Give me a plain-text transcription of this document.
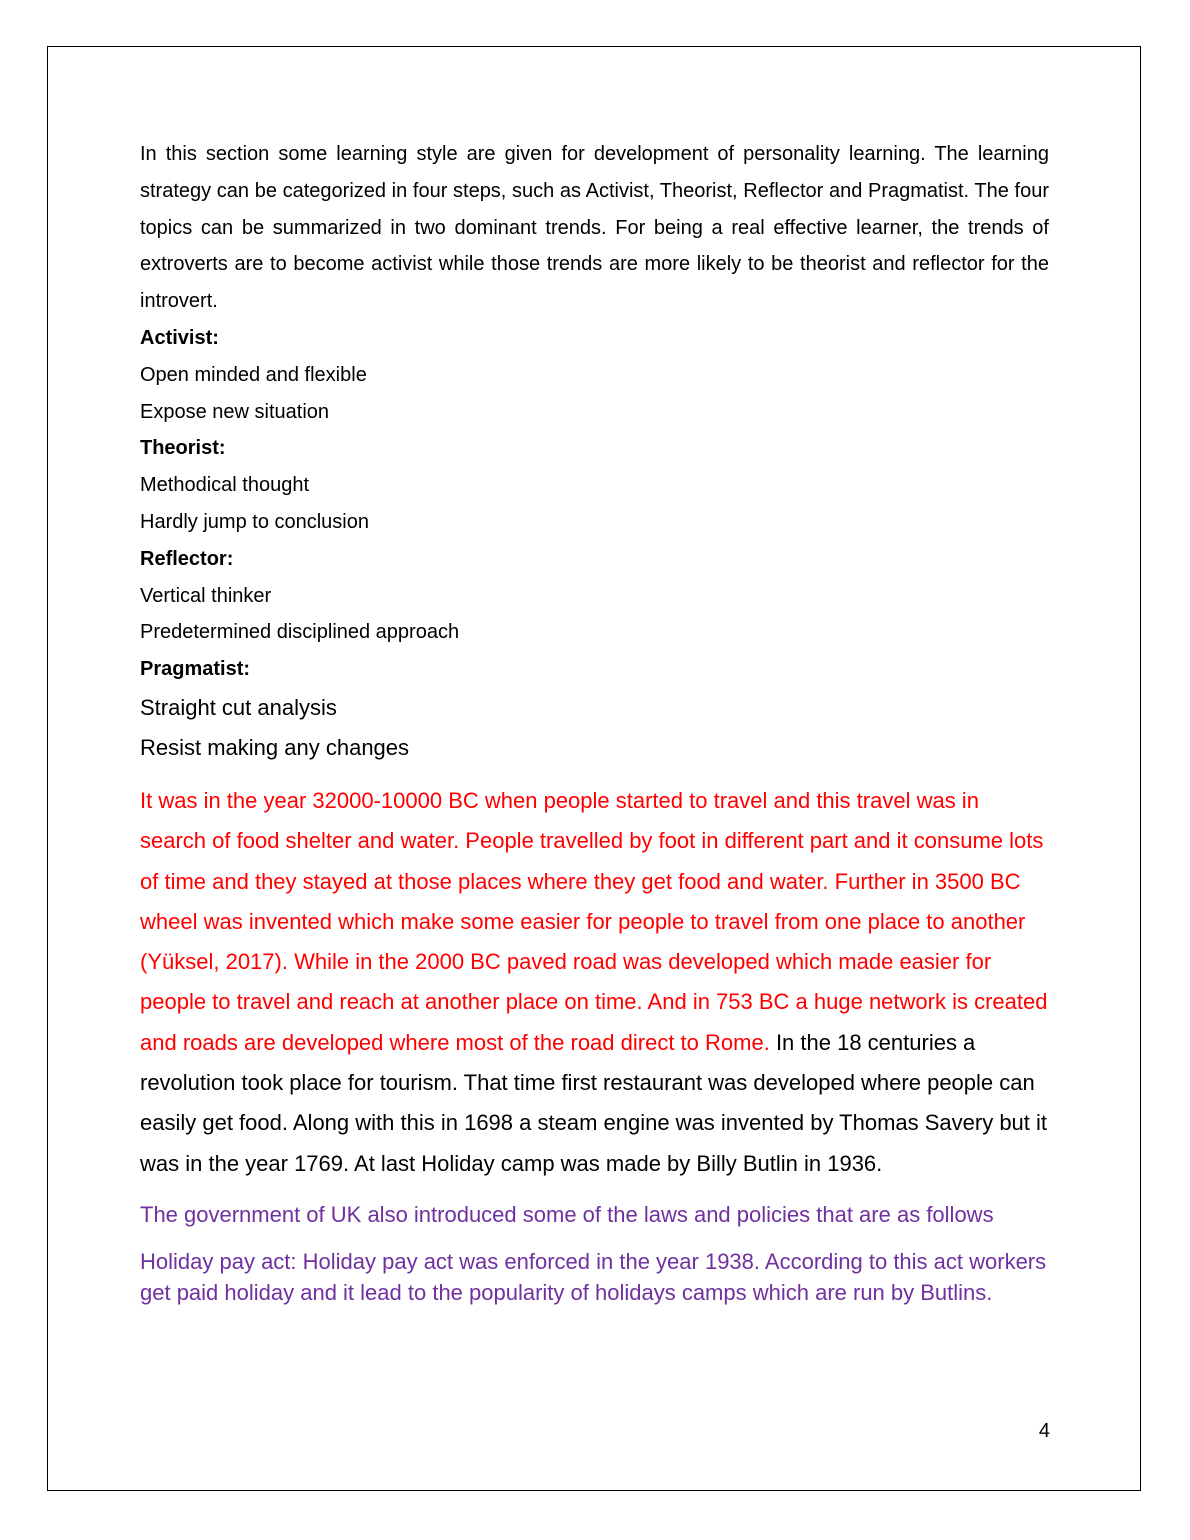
In this section some learning style are given for development of personality learning. The learning strategy can be categorized in four steps, such as Activist, Theorist, Reflector and Pragmatist. The four topics can be summarized in two dominant trends. For being a real effective learner, the trends of extroverts are to become activist while those trends are more likely to be theorist and reflector for the introvert.

Activist:

Open minded and flexible

Expose new situation

Theorist:

Methodical thought

Hardly jump to conclusion

Reflector:

Vertical thinker

Predetermined disciplined approach

Pragmatist:

Straight cut analysis

Resist making any changes

It was in the year 32000-10000 BC when people started to travel and this travel was in search of food shelter and water. People travelled by foot in different part and it consume lots of time and they stayed at those places where they get food and water. Further in 3500 BC wheel was invented which make some easier for people to travel from one place to another (Yüksel, 2017). While in the 2000 BC paved road was developed which made easier for people to travel and reach at another place on time. And in 753 BC a huge network is created and roads are developed where most of the road direct to Rome. In the 18 centuries a revolution took place for tourism. That time first restaurant was developed where people can easily get food. Along with this in 1698 a steam engine was invented by Thomas Savery but it was in the year 1769. At last Holiday camp was made by Billy Butlin in 1936.

The government of UK also introduced some of the laws and policies that are as follows

Holiday pay act: Holiday pay act was enforced in the year 1938. According to this act workers get paid holiday and it lead to the popularity of holidays camps which are run by Butlins.

4
